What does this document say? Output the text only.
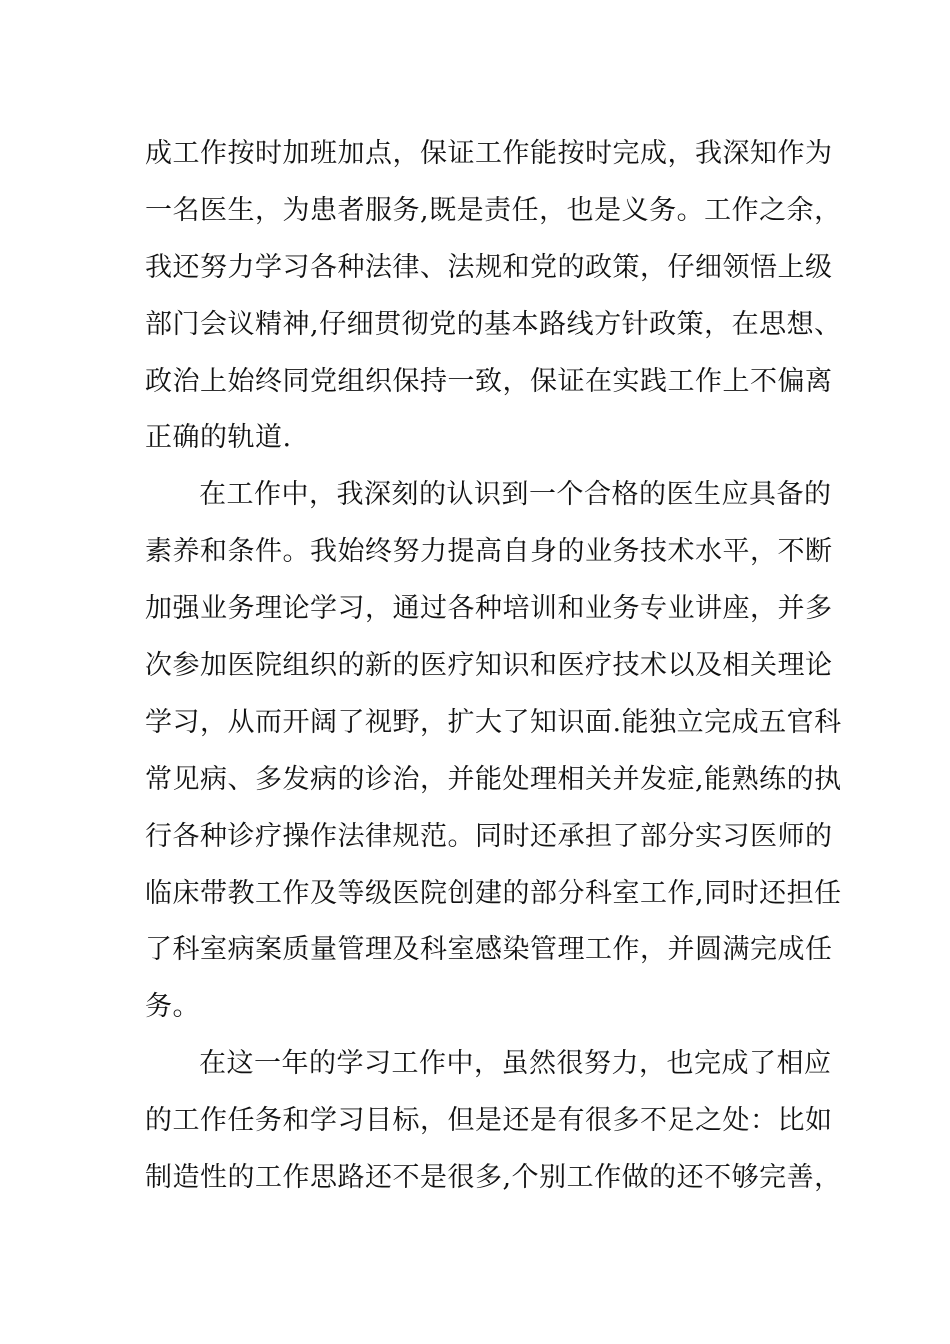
成工作按时加班加点，保证工作能按时完成，我深知作为
一名医生，为患者服务,既是责任，也是义务。工作之余，
我还努力学习各种法律、法规和党的政策，仔细领悟上级
部门会议精神,仔细贯彻党的基本路线方针政策，在思想、
政治上始终同党组织保持一致，保证在实践工作上不偏离
正确的轨道.
在工作中，我深刻的认识到一个合格的医生应具备的
素养和条件。我始终努力提高自身的业务技术水平，不断
加强业务理论学习，通过各种培训和业务专业讲座，并多
次参加医院组织的新的医疗知识和医疗技术以及相关理论
学习，从而开阔了视野，扩大了知识面.能独立完成五官科
常见病、多发病的诊治，并能处理相关并发症,能熟练的执
行各种诊疗操作法律规范。同时还承担了部分实习医师的
临床带教工作及等级医院创建的部分科室工作,同时还担任
了科室病案质量管理及科室感染管理工作，并圆满完成任
务。
在这一年的学习工作中，虽然很努力，也完成了相应
的工作任务和学习目标，但是还是有很多不足之处：比如
制造性的工作思路还不是很多,个别工作做的还不够完善，
